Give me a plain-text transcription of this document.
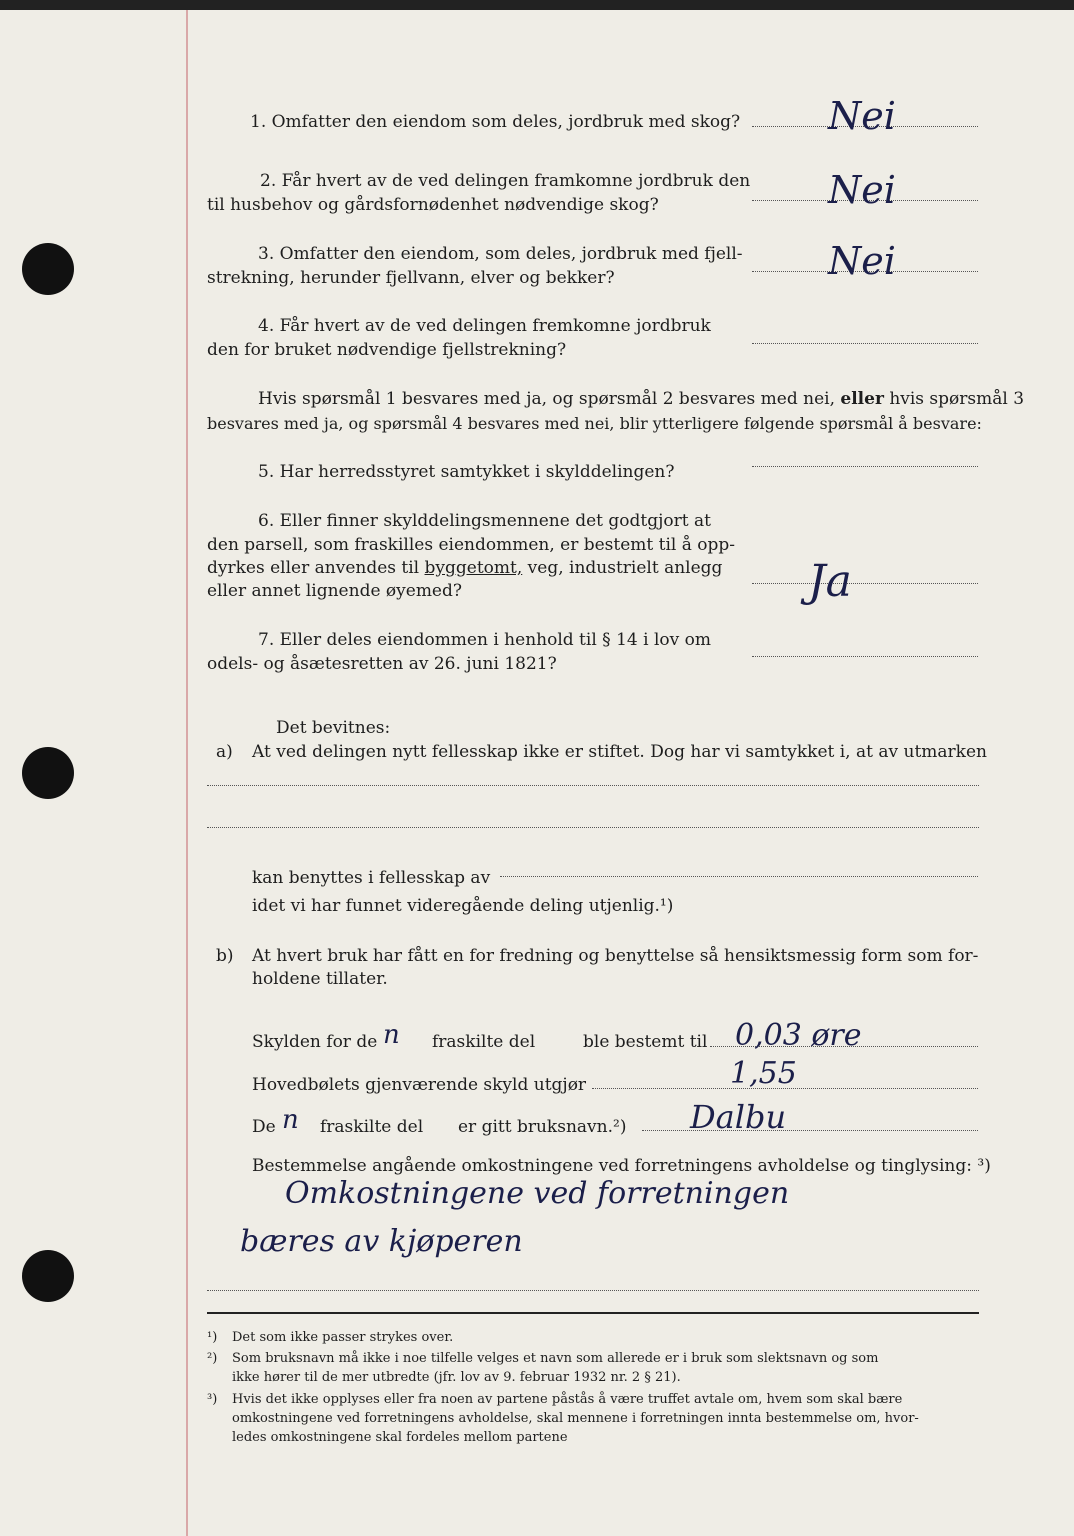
1. Omfatter den eiendom som deles, jordbruk med skog? Nei
2. Får hvert av de ved delingen framkomne jordbruk den
til husbehov og gårdsfornødenhet nødvendige skog?	Nei
3. Omfatter den eiendom, som deles, jordbruk med fjell-
strekning, herunder fjellvann, elver og bekker?	Nei
4. Får hvert av de ved delingen fremkomne jordbruk
den for bruket nødvendige fjellstrekning?
Hvis spørsmål 1 besvares med ja, og spørsmål 2 besvares med nei, eller hvis spørsmål 3
besvares med ja, og spørsmål 4 besvares med nei, blir ytterligere følgende spørsmål å besvare:
5. Har herredsstyret samtykket i skylddelingen?
6. Eller finner skylddelingsmennene det godtgjort at
den parsell, som fraskilles eiendommen, er bestemt til å opp-
dyrkes eller anvendes til byggetomt, veg, industrielt anlegg
eller annet lignende øyemed?	Ja
7. Eller deles eiendommen i henhold til § 14 i lov om
odels- og åsætesretten av 26. juni 1821?
Det bevitnes:
a) At ved delingen nytt fellesskap ikke er stiftet. Dog har vi samtykket i, at av utmarken
kan benyttes i fellesskap av
idet vi har funnet videregående deling utjenlig.¹)
b) At hvert bruk har fått en for fredning og benyttelse så hensiktsmessig form som for-
holdene tillater.
Skylden for de n fraskilte del	ble bestemt til 0,03 øre
Hovedbølets gjenværende skyld utgjør	1,55
De n fraskilte del er gitt bruksnavn.²) Dalbu
Bestemmelse angående omkostningene ved forretningens avholdelse og tinglysing: ³)
Omkostningene ved forretningen
bæres av kjøperen
¹) Det som ikke passer strykes over.
²) Som bruksnavn må ikke i noe tilfelle velges et navn som allerede er i bruk som slektsnavn og som
ikke hører til de mer utbredte (jfr. lov av 9. februar 1932 nr. 2 § 21).
³) Hvis det ikke opplyses eller fra noen av partene påstås å være truffet avtale om, hvem som skal bære
omkostningene ved forretningens avholdelse, skal mennene i forretningen innta bestemmelse om, hvor-
ledes omkostningene skal fordeles mellom partene
